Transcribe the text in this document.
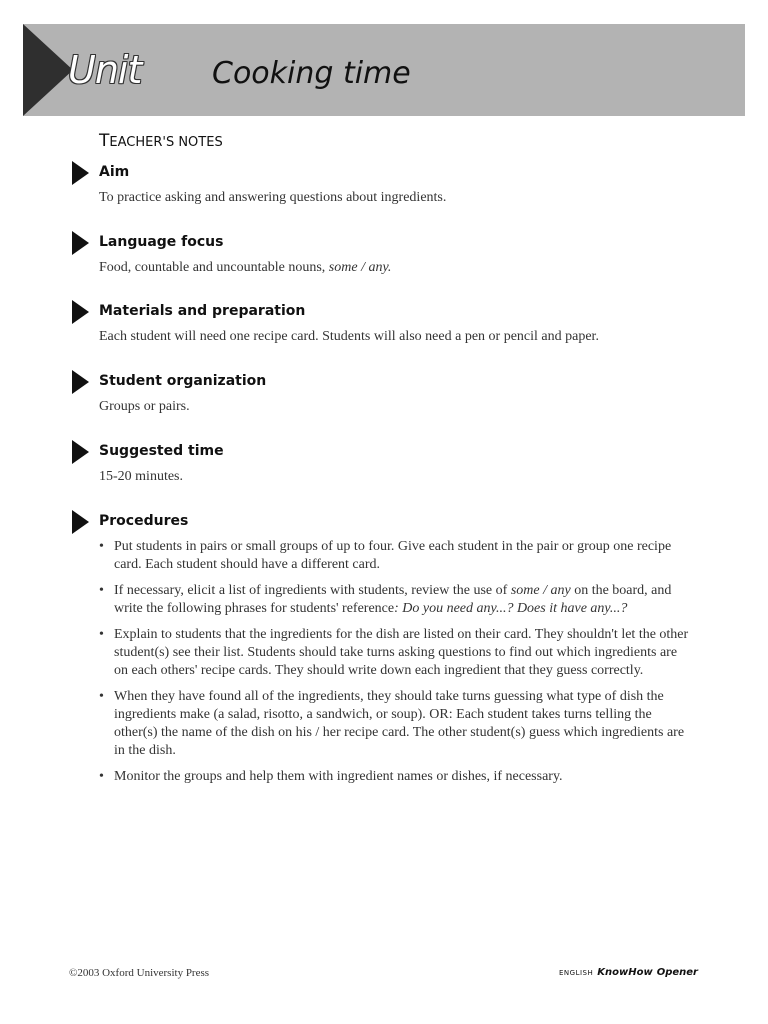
Unit Cooking time
TEACHER'S NOTES
Aim
To practice asking and answering questions about ingredients.
Language focus
Food, countable and uncountable nouns, some / any.
Materials and preparation
Each student will need one recipe card. Students will also need a pen or pencil and paper.
Student organization
Groups or pairs.
Suggested time
15-20 minutes.
Procedures
• Put students in pairs or small groups of up to four. Give each student in the pair or group one recipe card. Each student should have a different card.
• If necessary, elicit a list of ingredients with students, review the use of some / any on the board, and write the following phrases for students' reference: Do you need any...? Does it have any...?
• Explain to students that the ingredients for the dish are listed on their card. They shouldn't let the other student(s) see their list. Students should take turns asking questions to find out which ingredients are on each others' recipe cards. They should write down each ingredient that they guess correctly.
• When they have found all of the ingredients, they should take turns guessing what type of dish the ingredients make (a salad, risotto, a sandwich, or soup). OR: Each student takes turns telling the other(s) the name of the dish on his / her recipe card. The other student(s) guess which ingredients are in the dish.
• Monitor the groups and help them with ingredient names or dishes, if necessary.
©2003 Oxford University Press	ENGLISH KnowHow Opener
